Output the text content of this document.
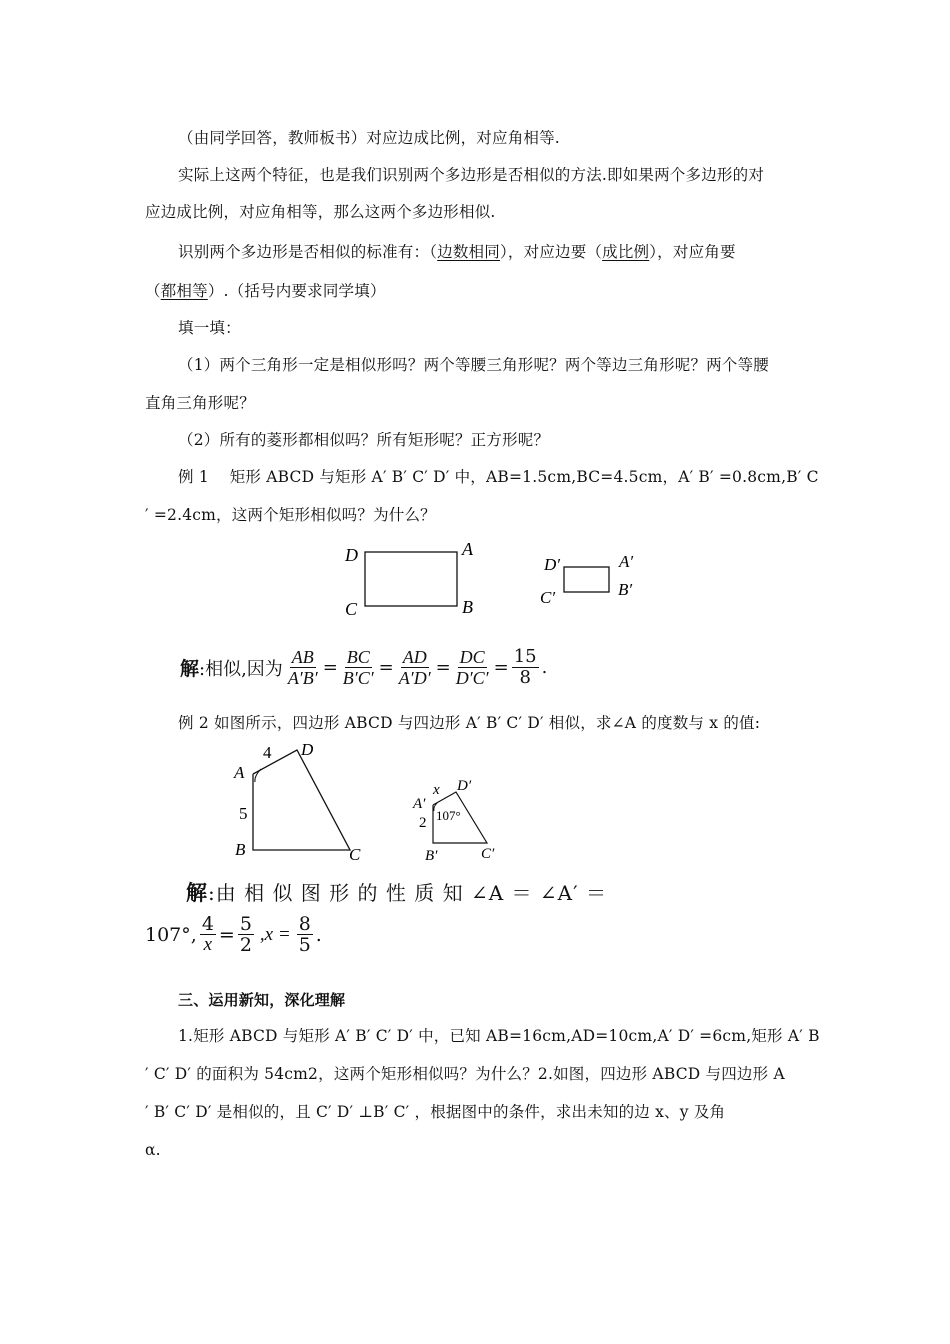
（由同学回答，教师板书）对应边成比例，对应角相等.
实际上这两个特征，也是我们识别两个多边形是否相似的方法.即如果两个多边形的对
应边成比例，对应角相等，那么这两个多边形相似.
识别两个多边形是否相似的标准有：（边数相同），对应边要（成比例），对应角要
（都相等）.（括号内要求同学填）
填一填：
（1）两个三角形一定是相似形吗？两个等腰三角形呢？两个等边三角形呢？两个等腰
直角三角形呢？
（2）所有的菱形都相似吗？所有矩形呢？正方形呢？
例 1　 矩形 ABCD 与矩形 A′ B′ C′ D′ 中，AB=1.5cm,BC=4.5cm，A′ B′ =0.8cm,B′ C
′ =2.4cm，这两个矩形相似吗？为什么？
D	A
C	B
D′	A′
C′	B′
解 :相似,因为 $\frac{AB}{A'B'} = \frac{BC}{B'C'} = \frac{AD}{A'D'} = \frac{DC}{D'C'} = \frac{15}{8}$ .
例 2 如图所示，四边形 ABCD 与四边形 A′ B′ C′ D′ 相似，求∠A 的度数与 x 的值:
A
D
B	C
4
5	A′
D′
B′	C′
x
2 107°
解:由 相 似 图 形 的 性 质 知 ∠A ＝ ∠A′ ＝
107°, $\frac{4}{x} = \frac{5}{2} ,x = \frac{8}{5}$ .
三、运用新知，深化理解
1.矩形 ABCD 与矩形 A′ B′ C′ D′ 中，已知 AB=16cm,AD=10cm,A′ D′ =6cm,矩形 A′ B
′ C′ D′ 的面积为 54cm2，这两个矩形相似吗？为什么？2.如图，四边形 ABCD 与四边形 A
′ B′ C′ D′ 是相似的，且 C′ D′ ⊥B′ C′ ，根据图中的条件，求出未知的边 x、y 及角
α.
